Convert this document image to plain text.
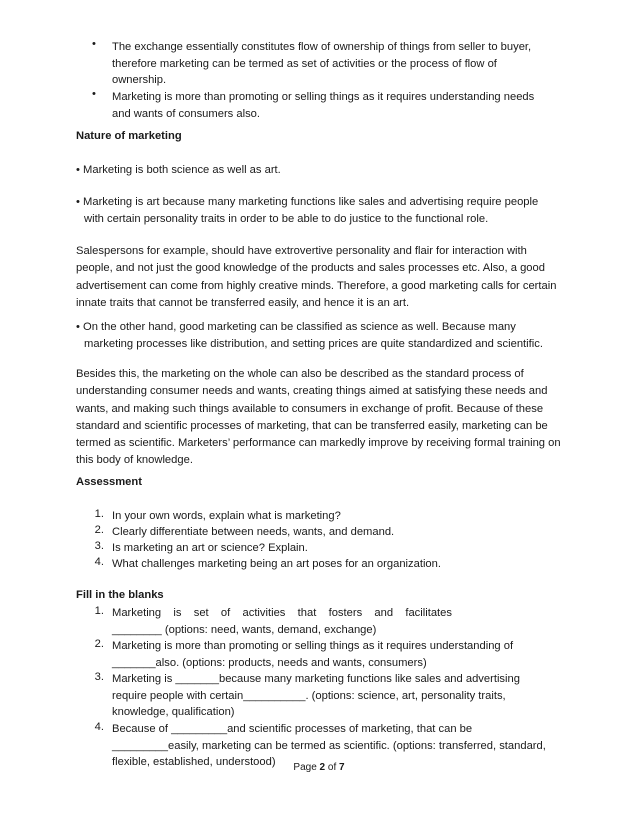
• The exchange essentially constitutes flow of ownership of things from seller to buyer, therefore marketing can be termed as set of activities or the process of flow of ownership.
• Marketing is more than promoting or selling things as it requires understanding needs and wants of consumers also.
Nature of marketing
• Marketing is both science as well as art.
• Marketing is art because many marketing functions like sales and advertising require people
with certain personality traits in order to be able to do justice to the functional role.
Salespersons for example, should have extrovertive personality and flair for interaction with people, and not just the good knowledge of the products and sales processes etc. Also, a good advertisement can come from highly creative minds. Therefore, a good marketing calls for certain innate traits that cannot be transferred easily, and hence it is an art.
• On the other hand, good marketing can be classified as science as well. Because many
marketing processes like distribution, and setting prices are quite standardized and scientific.
Besides this, the marketing on the whole can also be described as the standard process of understanding consumer needs and wants, creating things aimed at satisfying these needs and wants, and making such things available to consumers in exchange of profit. Because of these standard and scientific processes of marketing, that can be transferred easily, marketing can be termed as scientific. Marketers’ performance can markedly improve by receiving formal training on this body of knowledge.
Assessment
1. In your own words, explain what is marketing?
2. Clearly differentiate between needs, wants, and demand.
3. Is marketing an art or science? Explain.
4. What challenges marketing being an art poses for an organization.
Fill in the blanks
1. Marketing is set of activities that fosters and facilitates
________ (options: need, wants, demand, exchange)
2. Marketing is more than promoting or selling things as it requires understanding of
_______also. (options: products, needs and wants, consumers)
3. Marketing is _______because many marketing functions like sales and advertising
require people with certain__________. (options: science, art, personality traits, knowledge, qualification)
4. Because of _________and scientific processes of marketing, that can be
_________easily, marketing can be termed as scientific. (options: transferred, standard, flexible, established, understood)	Page 2 of 7
